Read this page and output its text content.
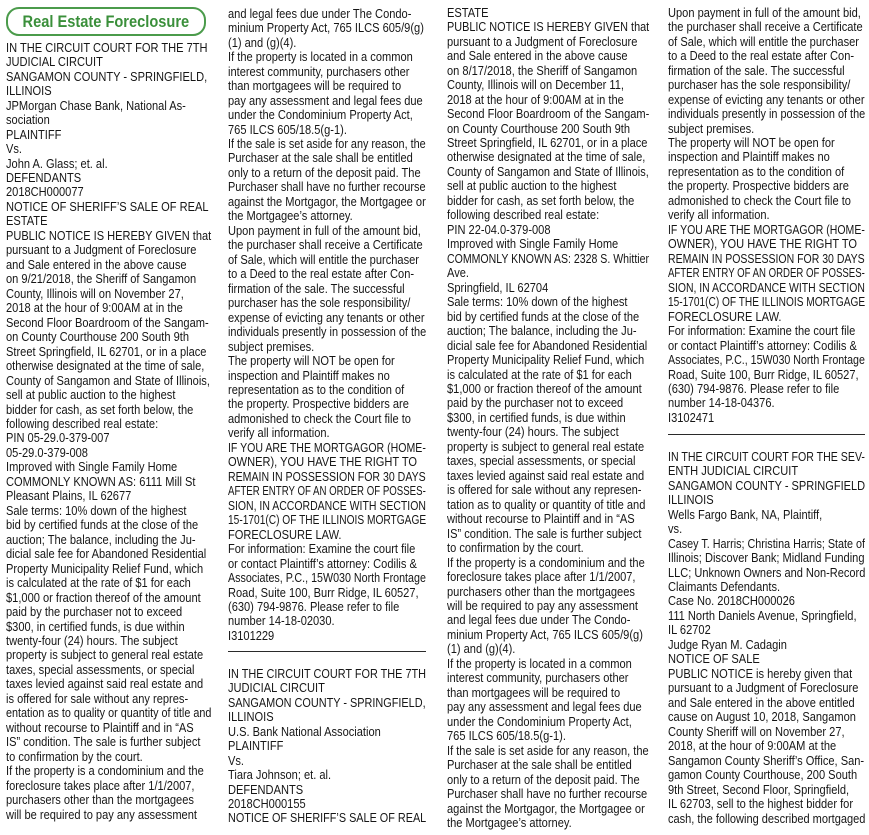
Real Estate Foreclosure
IN THE CIRCUIT COURT FOR THE 7TH
JUDICIAL CIRCUIT
SANGAMON COUNTY - SPRINGFIELD,
ILLINOIS
JPMorgan Chase Bank, National As-
sociation
PLAINTIFF
Vs.
John A. Glass; et. al.
DEFENDANTS
2018CH000077
NOTICE OF SHERIFF’S SALE OF REAL
ESTATE
PUBLIC NOTICE IS HEREBY GIVEN that
pursuant to a Judgment of Foreclosure
and Sale entered in the above cause
on 9/21/2018, the Sheriff of Sangamon
County, Illinois will on November 27,
2018 at the hour of 9:00AM at in the
Second Floor Boardroom of the Sangam-
on County Courthouse 200 South 9th
Street Springfield, IL 62701, or in a place
otherwise designated at the time of sale,
County of Sangamon and State of Illinois,
sell at public auction to the highest
bidder for cash, as set forth below, the
following described real estate:
PIN 05-29.0-379-007
05-29.0-379-008
Improved with Single Family Home
COMMONLY KNOWN AS: 6111 Mill St
Pleasant Plains, IL 62677
Sale terms: 10% down of the highest
bid by certified funds at the close of the
auction; The balance, including the Ju-
dicial sale fee for Abandoned Residential
Property Municipality Relief Fund, which
is calculated at the rate of $1 for each
$1,000 or fraction thereof of the amount
paid by the purchaser not to exceed
$300, in certified funds, is due within
twenty-four (24) hours. The subject
property is subject to general real estate
taxes, special assessments, or special
taxes levied against said real estate and
is offered for sale without any repres-
entation as to quality or quantity of title and
without recourse to Plaintiff and in “AS
IS” condition. The sale is further subject
to confirmation by the court.
If the property is a condominium and the
foreclosure takes place after 1/1/2007,
purchasers other than the mortgagees
will be required to pay any assessment
and legal fees due under The Condo-
minium Property Act, 765 ILCS 605/9(g)
(1) and (g)(4).
If the property is located in a common
interest community, purchasers other
than mortgagees will be required to
pay any assessment and legal fees due
under the Condominium Property Act,
765 ILCS 605/18.5(g-1).
If the sale is set aside for any reason, the
Purchaser at the sale shall be entitled
only to a return of the deposit paid. The
Purchaser shall have no further recourse
against the Mortgagor, the Mortgagee or
the Mortgagee’s attorney.
Upon payment in full of the amount bid,
the purchaser shall receive a Certificate
of Sale, which will entitle the purchaser
to a Deed to the real estate after Con-
firmation of the sale. The successful
purchaser has the sole responsibility/
expense of evicting any tenants or other
individuals presently in possession of the
subject premises.
The property will NOT be open for
inspection and Plaintiff makes no
representation as to the condition of
the property. Prospective bidders are
admonished to check the Court file to
verify all information.
IF YOU ARE THE MORTGAGOR (HOME-
OWNER), YOU HAVE THE RIGHT TO
REMAIN IN POSSESSION FOR 30 DAYS
AFTER ENTRY OF AN ORDER OF POSSES-
SION, IN ACCORDANCE WITH SECTION
15-1701(C) OF THE ILLINOIS MORTGAGE
FORECLOSURE LAW.
For information: Examine the court file
or contact Plaintiff’s attorney: Codilis &
Associates, P.C., 15W030 North Frontage
Road, Suite 100, Burr Ridge, IL 60527,
(630) 794-9876. Please refer to file
number 14-18-02030.
I3101229
IN THE CIRCUIT COURT FOR THE 7TH
JUDICIAL CIRCUIT
SANGAMON COUNTY - SPRINGFIELD,
ILLINOIS
U.S. Bank National Association
PLAINTIFF
Vs.
Tiara Johnson; et. al.
DEFENDANTS
2018CH000155
NOTICE OF SHERIFF’S SALE OF REAL
ESTATE
PUBLIC NOTICE IS HEREBY GIVEN that
pursuant to a Judgment of Foreclosure
and Sale entered in the above cause
on 8/17/2018, the Sheriff of Sangamon
County, Illinois will on December 11,
2018 at the hour of 9:00AM at in the
Second Floor Boardroom of the Sangam-
on County Courthouse 200 South 9th
Street Springfield, IL 62701, or in a place
otherwise designated at the time of sale,
County of Sangamon and State of Illinois,
sell at public auction to the highest
bidder for cash, as set forth below, the
following described real estate:
PIN 22-04.0-379-008
Improved with Single Family Home
COMMONLY KNOWN AS: 2328 S. Whittier
Ave.
Springfield, IL 62704
Sale terms: 10% down of the highest
bid by certified funds at the close of the
auction; The balance, including the Ju-
dicial sale fee for Abandoned Residential
Property Municipality Relief Fund, which
is calculated at the rate of $1 for each
$1,000 or fraction thereof of the amount
paid by the purchaser not to exceed
$300, in certified funds, is due within
twenty-four (24) hours. The subject
property is subject to general real estate
taxes, special assessments, or special
taxes levied against said real estate and
is offered for sale without any represen-
tation as to quality or quantity of title and
without recourse to Plaintiff and in “AS
IS” condition. The sale is further subject
to confirmation by the court.
If the property is a condominium and the
foreclosure takes place after 1/1/2007,
purchasers other than the mortgagees
will be required to pay any assessment
and legal fees due under The Condo-
minium Property Act, 765 ILCS 605/9(g)
(1) and (g)(4).
If the property is located in a common
interest community, purchasers other
than mortgagees will be required to
pay any assessment and legal fees due
under the Condominium Property Act,
765 ILCS 605/18.5(g-1).
If the sale is set aside for any reason, the
Purchaser at the sale shall be entitled
only to a return of the deposit paid. The
Purchaser shall have no further recourse
against the Mortgagor, the Mortgagee or
the Mortgagee’s attorney.
Upon payment in full of the amount bid,
the purchaser shall receive a Certificate
of Sale, which will entitle the purchaser
to a Deed to the real estate after Con-
firmation of the sale. The successful
purchaser has the sole responsibility/
expense of evicting any tenants or other
individuals presently in possession of the
subject premises.
The property will NOT be open for
inspection and Plaintiff makes no
representation as to the condition of
the property. Prospective bidders are
admonished to check the Court file to
verify all information.
IF YOU ARE THE MORTGAGOR (HOME-
OWNER), YOU HAVE THE RIGHT TO
REMAIN IN POSSESSION FOR 30 DAYS
AFTER ENTRY OF AN ORDER OF POSSES-
SION, IN ACCORDANCE WITH SECTION
15-1701(C) OF THE ILLINOIS MORTGAGE
FORECLOSURE LAW.
For information: Examine the court file
or contact Plaintiff’s attorney: Codilis &
Associates, P.C., 15W030 North Frontage
Road, Suite 100, Burr Ridge, IL 60527,
(630) 794-9876. Please refer to file
number 14-18-04376.
I3102471
IN THE CIRCUIT COURT FOR THE SEV-
ENTH JUDICIAL CIRCUIT
SANGAMON COUNTY - SPRINGFIELD
ILLINOIS
Wells Fargo Bank, NA, Plaintiff,
vs.
Casey T. Harris; Christina Harris; State of
Illinois; Discover Bank; Midland Funding
LLC; Unknown Owners and Non-Record
Claimants Defendants.
Case No. 2018CH000026
111 North Daniels Avenue, Springfield,
IL 62702
Judge Ryan M. Cadagin
NOTICE OF SALE
PUBLIC NOTICE is hereby given that
pursuant to a Judgment of Foreclosure
and Sale entered in the above entitled
cause on August 10, 2018, Sangamon
County Sheriff will on November 27,
2018, at the hour of 9:00AM at the
Sangamon County Sheriff’s Office, San-
gamon County Courthouse, 200 South
9th Street, Second Floor, Springfield,
IL 62703, sell to the highest bidder for
cash, the following described mortgaged
